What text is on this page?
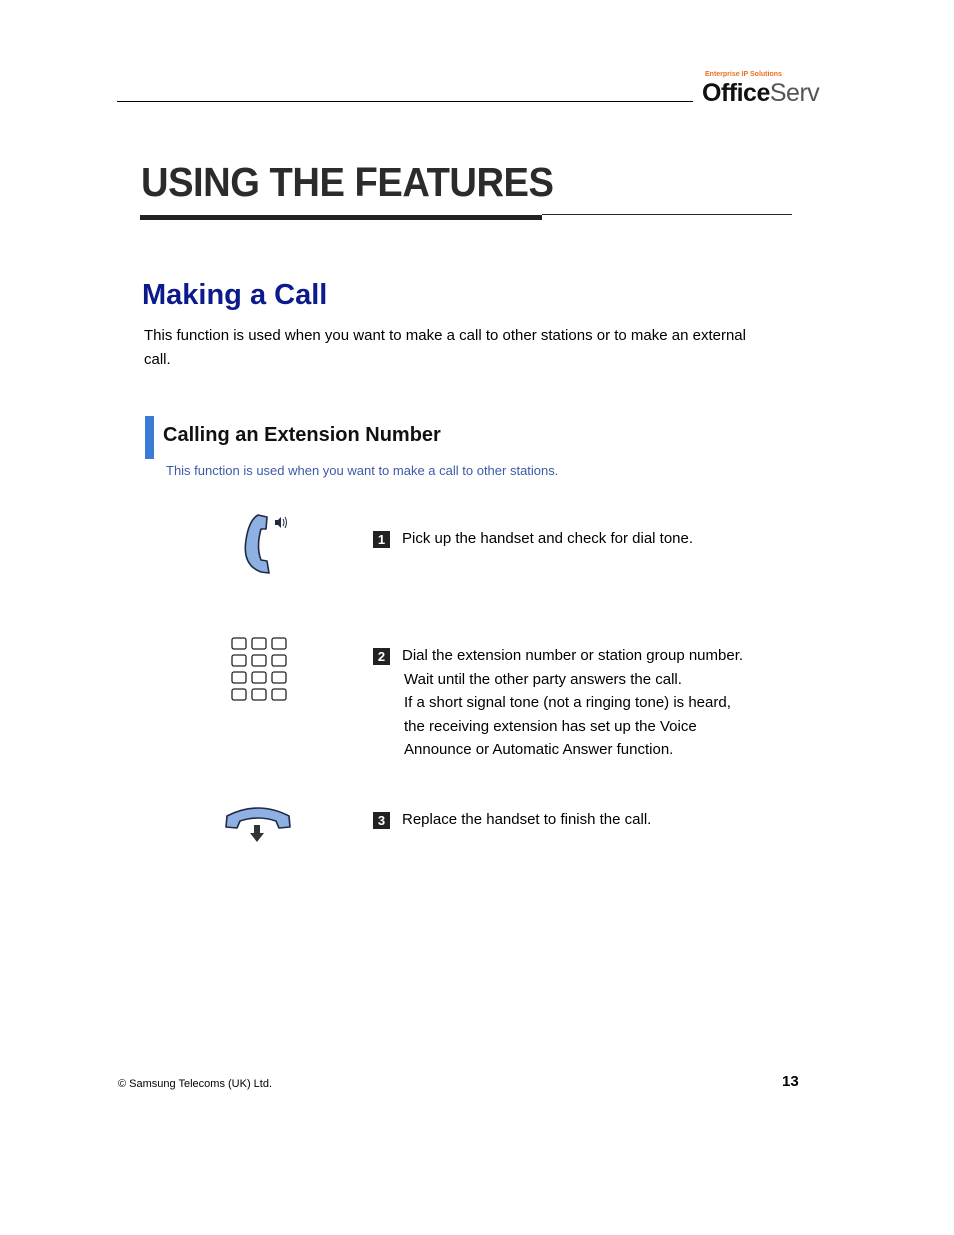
Enterprise IP Solutions
OfficeServ
USING THE FEATURES
Making a Call
This function is used when you want to make a call to other stations or to make an external
call.
Calling an Extension Number
This function is used when you want to make a call to other stations.
1	Pick up the handset and check for dial tone.
2	Dial the extension number or station group number.
Wait until the other party answers the call.
If a short signal tone (not a ringing tone) is heard,
the receiving extension has set up the Voice
Announce or Automatic Answer function.
3	Replace the handset to finish the call.
© Samsung Telecoms (UK) Ltd.	13
